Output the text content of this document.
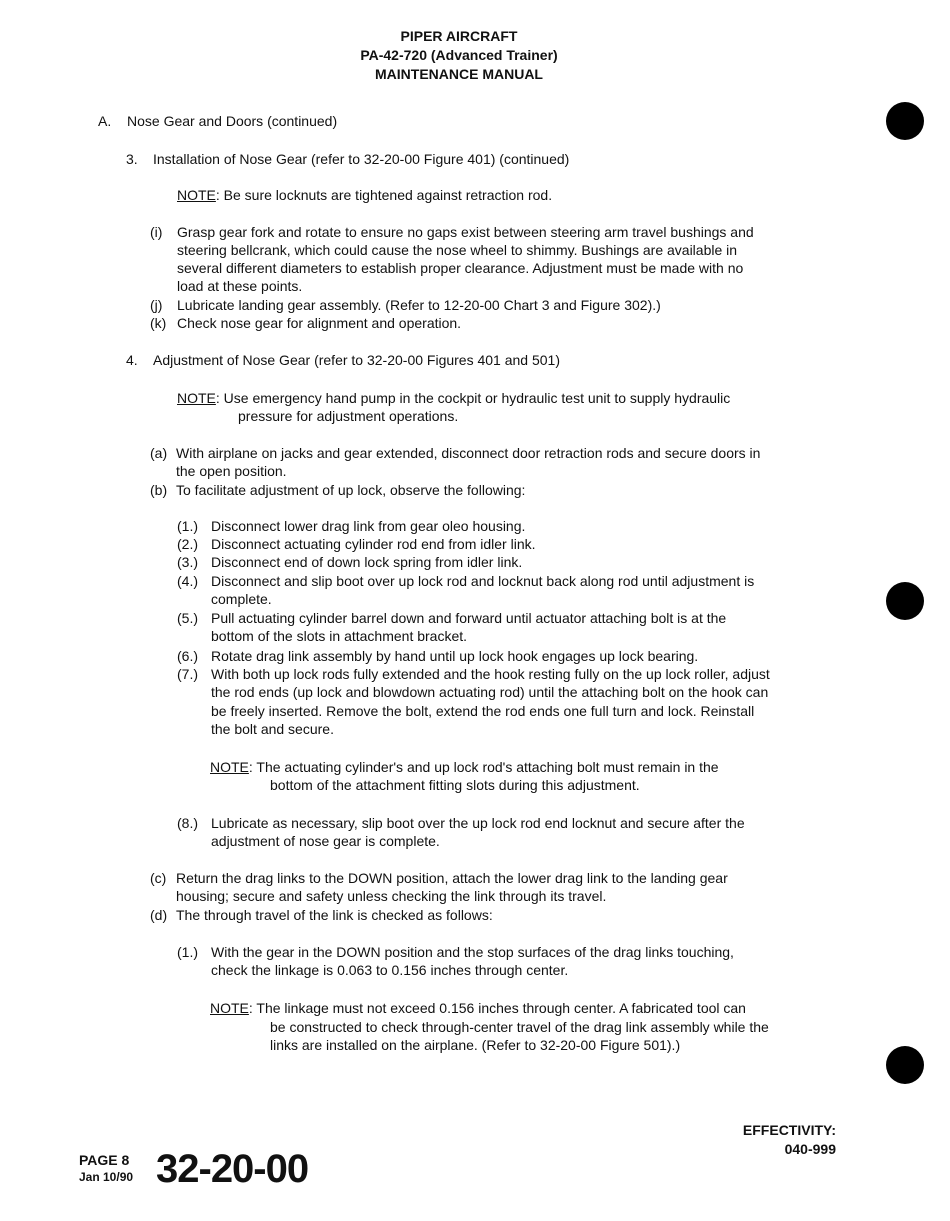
PIPER AIRCRAFT
PA-42-720 (Advanced Trainer)
MAINTENANCE MANUAL
A. Nose Gear and Doors (continued)
3. Installation of Nose Gear (refer to 32-20-00 Figure 401) (continued)
NOTE: Be sure locknuts are tightened against retraction rod.
(i) Grasp gear fork and rotate to ensure no gaps exist between steering arm travel bushings and
steering bellcrank, which could cause the nose wheel to shimmy. Bushings are available in
several different diameters to establish proper clearance. Adjustment must be made with no
load at these points.
(j) Lubricate landing gear assembly. (Refer to 12-20-00 Chart 3 and Figure 302).)
(k) Check nose gear for alignment and operation.
4. Adjustment of Nose Gear (refer to 32-20-00 Figures 401 and 501)
NOTE: Use emergency hand pump in the cockpit or hydraulic test unit to supply hydraulic
pressure for adjustment operations.
(a) With airplane on jacks and gear extended, disconnect door retraction rods and secure doors in
the open position.
(b) To facilitate adjustment of up lock, observe the following:
(1.) Disconnect lower drag link from gear oleo housing.
(2.) Disconnect actuating cylinder rod end from idler link.
(3.) Disconnect end of down lock spring from idler link.
(4.) Disconnect and slip boot over up lock rod and locknut back along rod until adjustment is
complete.
(5.) Pull actuating cylinder barrel down and forward until actuator attaching bolt is at the
bottom of the slots in attachment bracket.
(6.) Rotate drag link assembly by hand until up lock hook engages up lock bearing.
(7.) With both up lock rods fully extended and the hook resting fully on the up lock roller, adjust
the rod ends (up lock and blowdown actuating rod) until the attaching bolt on the hook can
be freely inserted. Remove the bolt, extend the rod ends one full turn and lock. Reinstall
the bolt and secure.
NOTE: The actuating cylinder's and up lock rod's attaching bolt must remain in the
bottom of the attachment fitting slots during this adjustment.
(8.) Lubricate as necessary, slip boot over the up lock rod end locknut and secure after the
adjustment of nose gear is complete.
(c) Return the drag links to the DOWN position, attach the lower drag link to the landing gear
housing; secure and safety unless checking the link through its travel.
(d) The through travel of the link is checked as follows:
(1.) With the gear in the DOWN position and the stop surfaces of the drag links touching,
check the linkage is 0.063 to 0.156 inches through center.
NOTE: The linkage must not exceed 0.156 inches through center. A fabricated tool can
be constructed to check through-center travel of the drag link assembly while the
links are installed on the airplane. (Refer to 32-20-00 Figure 501).)
EFFECTIVITY:
040-999
PAGE 8
Jan 10/90 32-20-00
